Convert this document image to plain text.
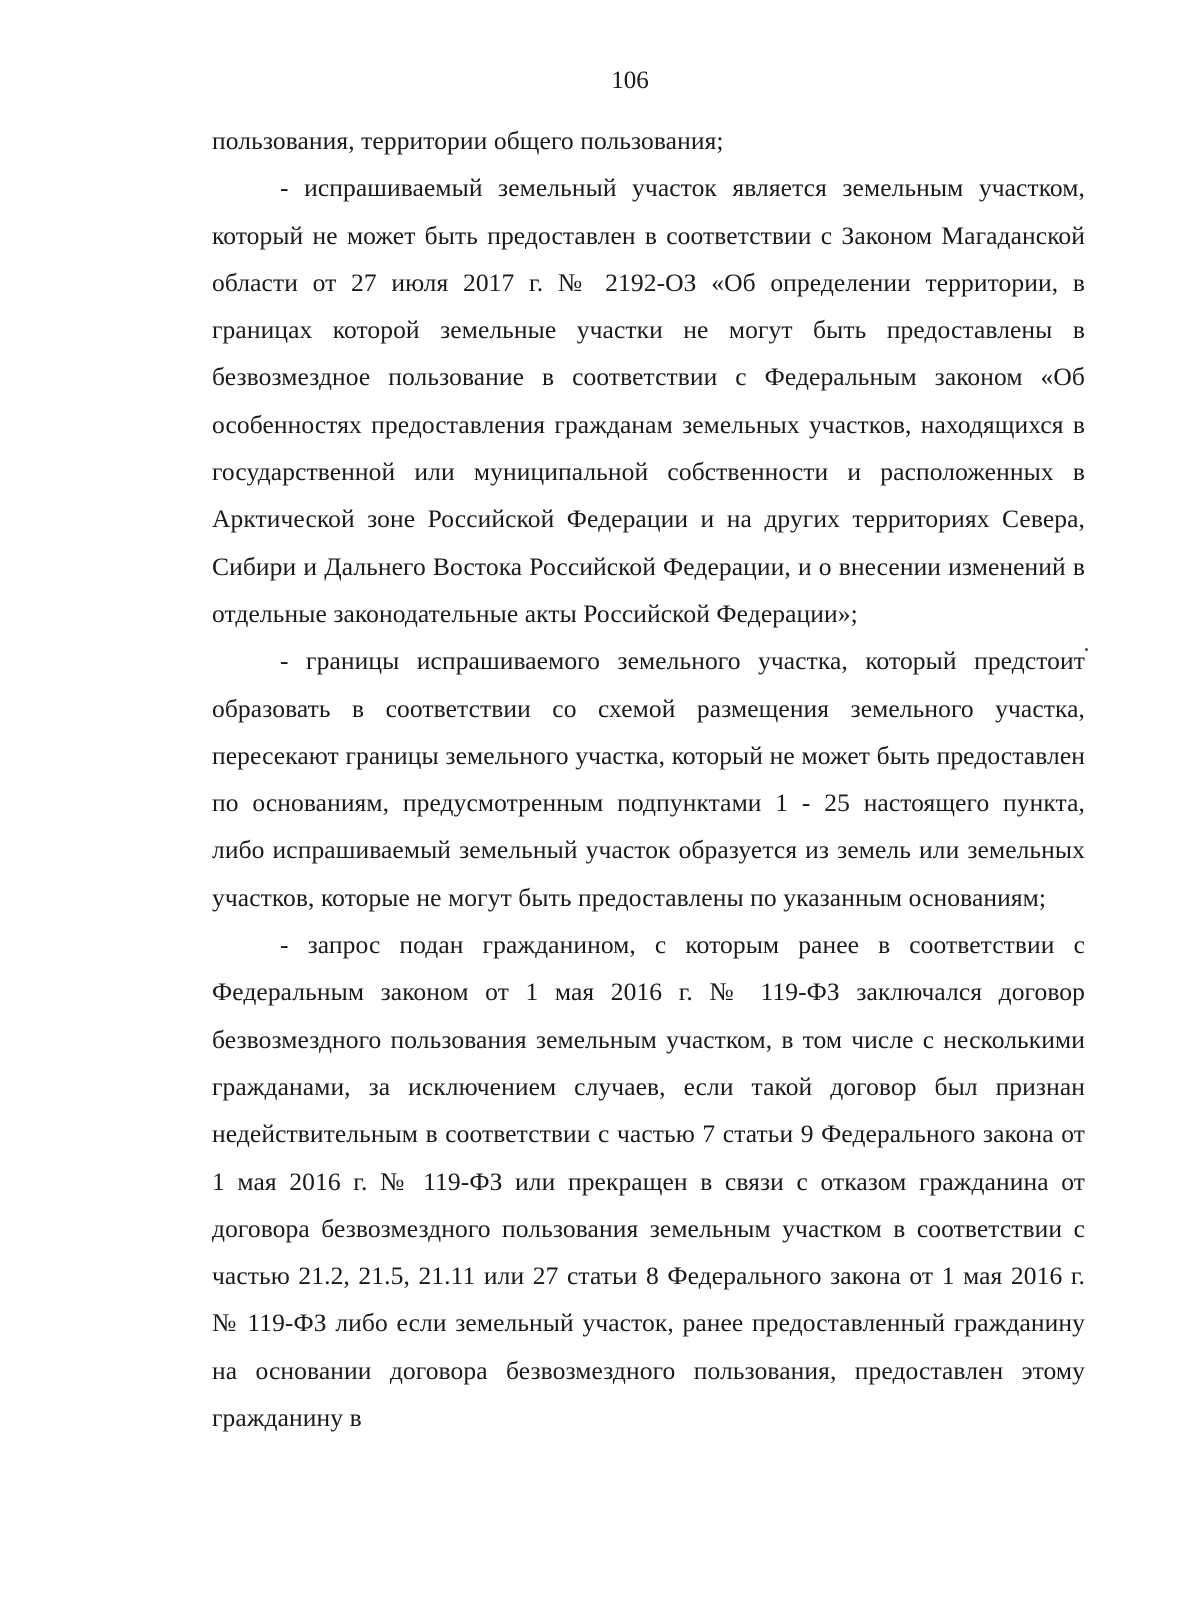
106

пользования, территории общего пользования;

- испрашиваемый земельный участок является земельным участком, который не может быть предоставлен в соответствии с Законом Магаданской области от 27 июля 2017 г. № 2192-ОЗ «Об определении территории, в границах которой земельные участки не могут быть предоставлены в безвозмездное пользование в соответствии с Федеральным законом «Об особенностях предоставления гражданам земельных участков, находящихся в государственной или муниципальной собственности и расположенных в Арктической зоне Российской Федерации и на других территориях Севера, Сибири и Дальнего Востока Российской Федерации, и о внесении изменений в отдельные законодательные акты Российской Федерации»;

- границы испрашиваемого земельного участка, который предстоит образовать в соответствии со схемой размещения земельного участка, пересекают границы земельного участка, который не может быть предоставлен по основаниям, предусмотренным подпунктами 1 - 25 настоящего пункта, либо испрашиваемый земельный участок образуется из земель или земельных участков, которые не могут быть предоставлены по указанным основаниям;

- запрос подан гражданином, с которым ранее в соответствии с Федеральным законом от 1 мая 2016 г. № 119-ФЗ заключался договор безвозмездного пользования земельным участком, в том числе с несколькими гражданами, за исключением случаев, если такой договор был признан недействительным в соответствии с частью 7 статьи 9 Федерального закона от 1 мая 2016 г. № 119-ФЗ или прекращен в связи с отказом гражданина от договора безвозмездного пользования земельным участком в соответствии с частью 21.2, 21.5, 21.11 или 27 статьи 8 Федерального закона от 1 мая 2016 г. № 119-ФЗ либо если земельный участок, ранее предоставленный гражданину на основании договора безвозмездного пользования, предоставлен этому гражданину в
